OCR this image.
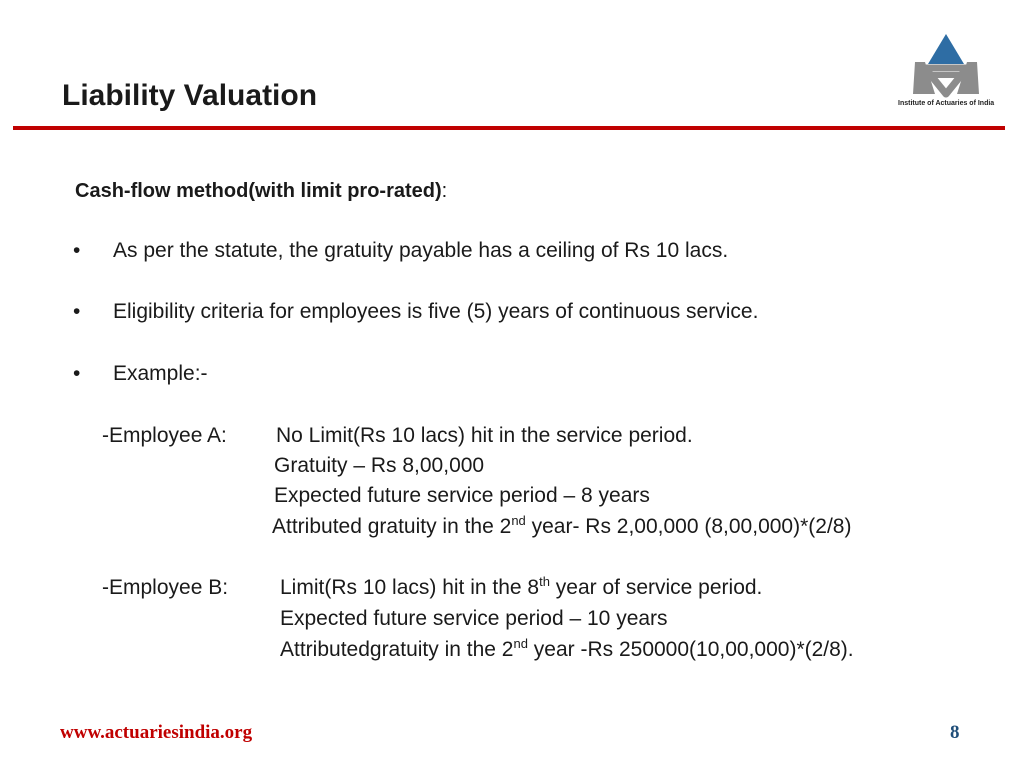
Liability Valuation	Institute of Actuaries of India
Cash-flow method(with limit pro-rated):
• As per the statute, the gratuity payable has a ceiling of Rs 10 lacs.
• Eligibility criteria for employees is five (5) years of continuous service.
• Example:-
-Employee A: No Limit(Rs 10 lacs) hit in the service period.
Gratuity – Rs 8,00,000
Expected future service period – 8 years
Attributed gratuity in the 2nd year- Rs 2,00,000 (8,00,000)*(2/8)
-Employee B: Limit(Rs 10 lacs) hit in the 8th year of service period.
Expected future service period – 10 years
Attributedgratuity in the 2nd year -Rs 250000(10,00,000)*(2/8).
www.actuariesindia.org	8
